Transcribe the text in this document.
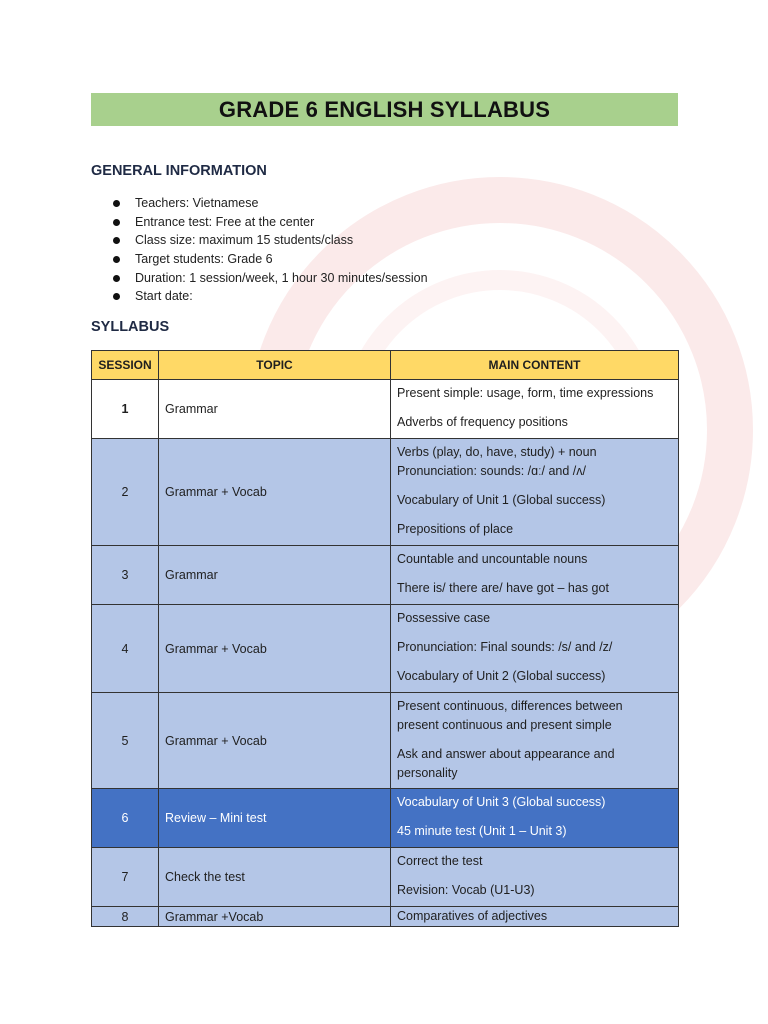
GRADE 6 ENGLISH SYLLABUS
GENERAL INFORMATION
Teachers: Vietnamese
Entrance test: Free at the center
Class size: maximum 15 students/class
Target students: Grade 6
Duration: 1 session/week, 1 hour 30 minutes/session
Start date:
SYLLABUS
SESSION	TOPIC	MAIN CONTENT
1	Grammar	Present simple: usage, form, time expressions

Adverbs of frequency positions

2	Grammar + Vocab	Verbs (play, do, have, study) + noun
Pronunciation: sounds: /ɑː/ and /ʌ/

Vocabulary of Unit 1 (Global success)

Prepositions of place

3	Grammar	Countable and uncountable nouns

There is/ there are/ have got – has got

4	Grammar + Vocab	Possessive case

Pronunciation: Final sounds: /s/ and /z/

Vocabulary of Unit 2 (Global success)

5	Grammar + Vocab	Present continuous, differences between
present continuous and present simple

Ask and answer about appearance and
personality

6	Review – Mini test	Vocabulary of Unit 3 (Global success)

45 minute test (Unit 1 – Unit 3)

7	Check the test	Correct the test

Revision: Vocab (U1-U3)

8	Grammar +Vocab	Comparatives of adjectives
